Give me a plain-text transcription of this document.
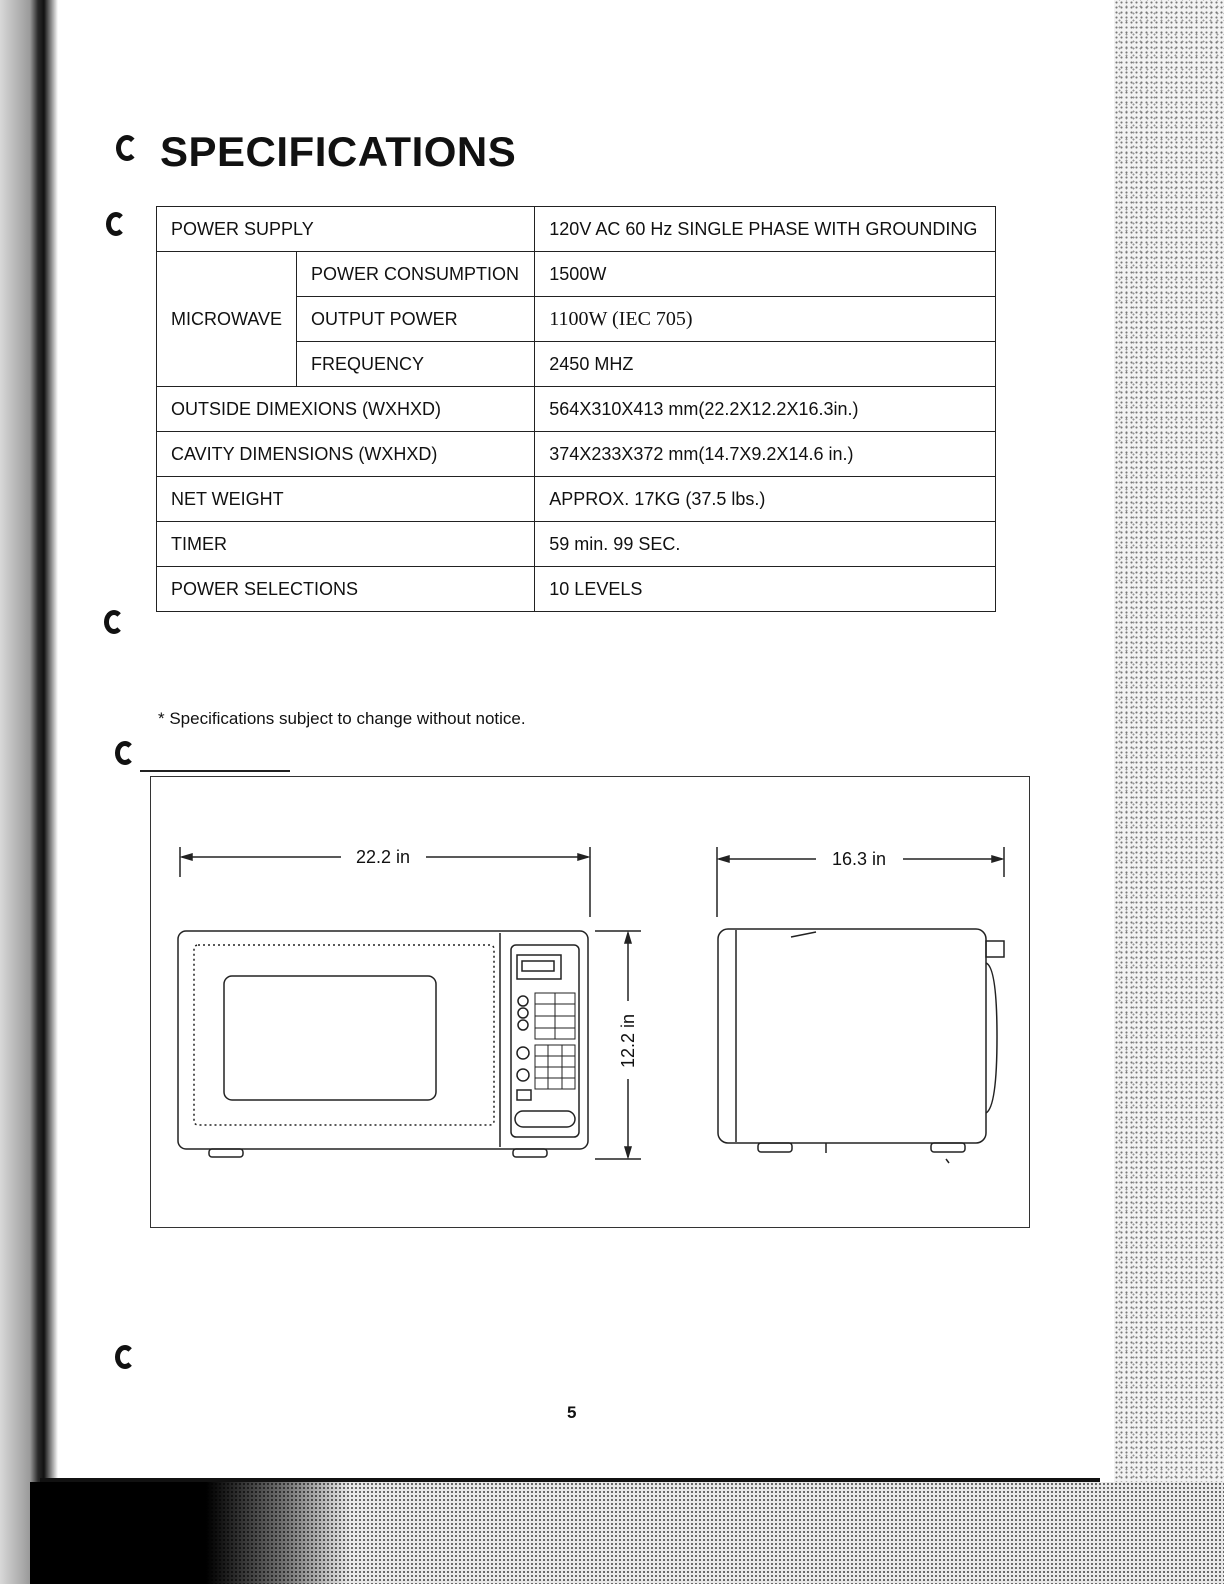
SPECIFICATIONS
POWER SUPPLY		120V AC 60 Hz SINGLE PHASE WITH GROUNDING
MICROWAVE	POWER CONSUMPTION	1500W
	OUTPUT POWER	1100W (IEC 705)
	FREQUENCY	2450 MHZ
OUTSIDE DIMEXIONS (WXHXD)		564X310X413 mm(22.2X12.2X16.3in.)
CAVITY DIMENSIONS (WXHXD)		374X233X372 mm(14.7X9.2X14.6 in.)
NET WEIGHT		APPROX. 17KG (37.5 lbs.)
TIMER		59 min. 99 SEC.
POWER SELECTIONS		10 LEVELS
* Specifications subject to change without notice.
22.2 in	16.3 in
12.2 in
5
